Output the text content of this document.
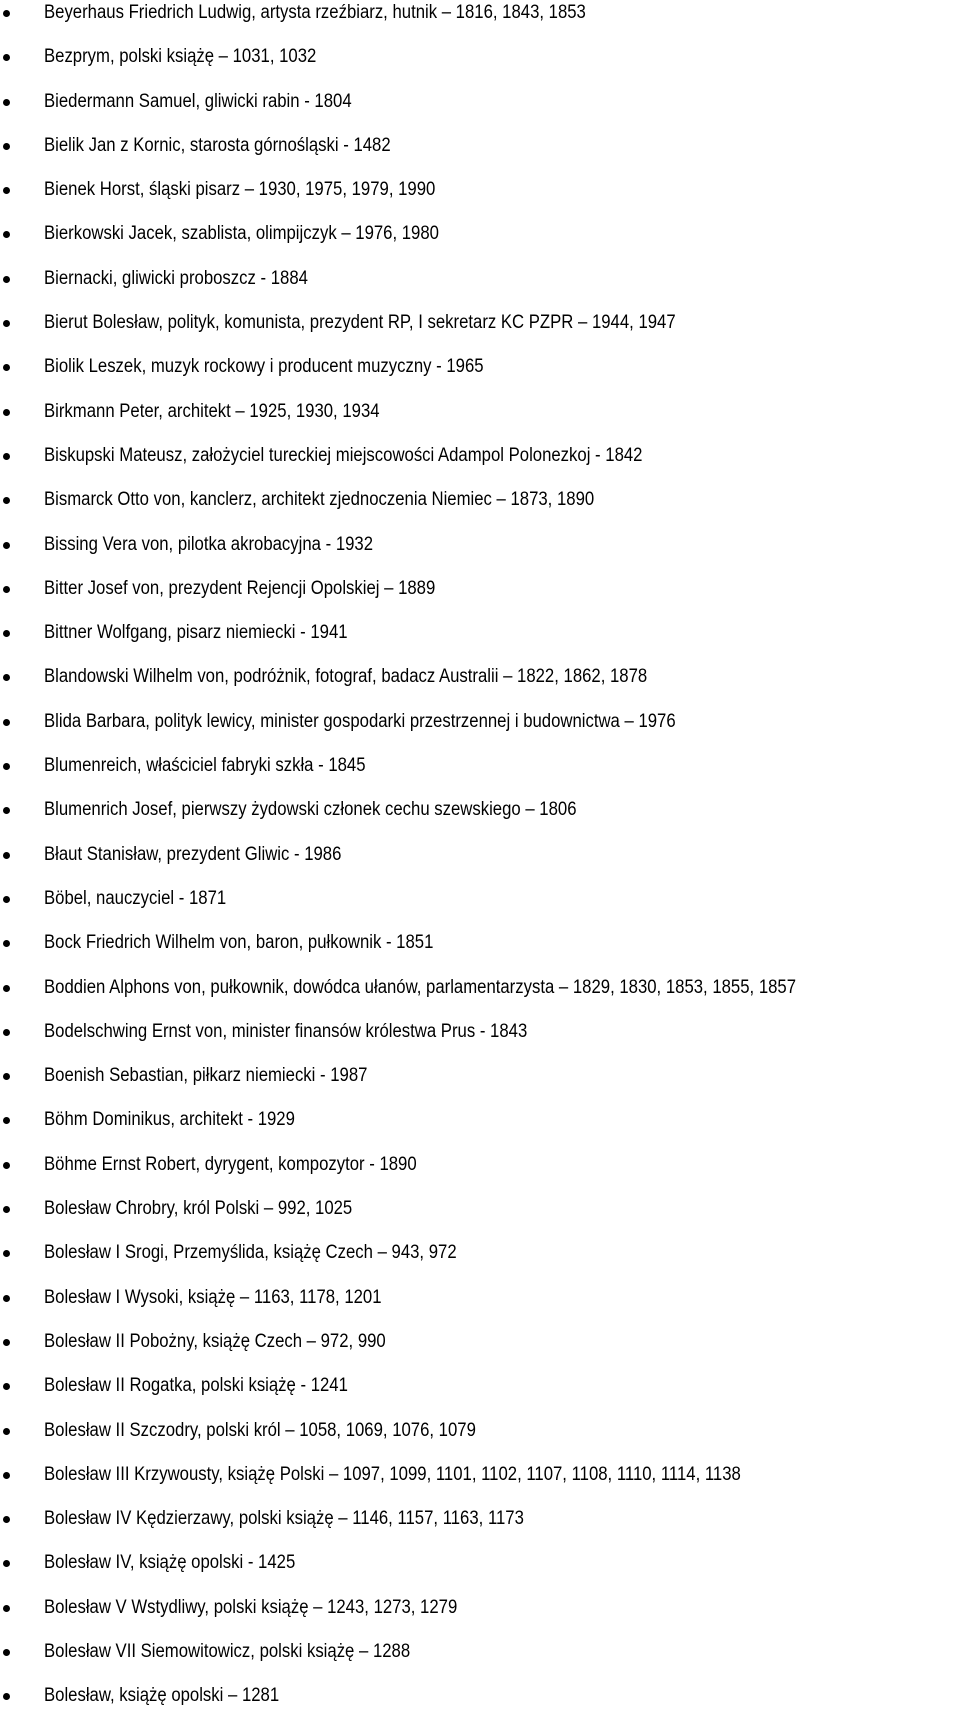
Beyerhaus Friedrich Ludwig, artysta rzeźbiarz, hutnik – 1816, 1843, 1853
Bezprym, polski książę – 1031, 1032
Biedermann Samuel, gliwicki rabin - 1804
Bielik Jan z Kornic, starosta górnośląski - 1482
Bienek Horst, śląski pisarz – 1930, 1975, 1979, 1990
Bierkowski Jacek, szablista, olimpijczyk – 1976, 1980
Biernacki, gliwicki proboszcz - 1884
Bierut Bolesław, polityk, komunista, prezydent RP, I sekretarz KC PZPR – 1944, 1947
Biolik Leszek, muzyk rockowy i producent muzyczny - 1965
Birkmann Peter, architekt – 1925, 1930, 1934
Biskupski Mateusz, założyciel tureckiej miejscowości Adampol Polonezkoj - 1842
Bismarck Otto von, kanclerz, architekt zjednoczenia Niemiec – 1873, 1890
Bissing Vera von, pilotka akrobacyjna - 1932
Bitter Josef von, prezydent Rejencji Opolskiej – 1889
Bittner Wolfgang, pisarz niemiecki - 1941
Blandowski Wilhelm von, podróżnik, fotograf, badacz Australii – 1822, 1862, 1878
Blida Barbara, polityk lewicy, minister gospodarki przestrzennej i budownictwa – 1976
Blumenreich, właściciel fabryki szkła - 1845
Blumenrich Josef, pierwszy żydowski członek cechu szewskiego – 1806
Błaut Stanisław, prezydent Gliwic - 1986
Böbel, nauczyciel - 1871
Bock Friedrich Wilhelm von, baron, pułkownik - 1851
Boddien Alphons von, pułkownik, dowódca ułanów, parlamentarzysta – 1829, 1830, 1853, 1855, 1857
Bodelschwing Ernst von, minister finansów królestwa Prus - 1843
Boenish Sebastian, piłkarz niemiecki - 1987
Böhm Dominikus, architekt - 1929
Böhme Ernst Robert, dyrygent, kompozytor - 1890
Bolesław Chrobry, król Polski – 992, 1025
Bolesław I Srogi, Przemyślida, książę Czech – 943, 972
Bolesław I Wysoki, książę – 1163, 1178, 1201
Bolesław II Pobożny, książę Czech – 972, 990
Bolesław II Rogatka, polski książę - 1241
Bolesław II Szczodry, polski król – 1058, 1069, 1076, 1079
Bolesław III Krzywousty, książę Polski – 1097, 1099, 1101, 1102, 1107, 1108, 1110, 1114, 1138
Bolesław IV Kędzierzawy, polski książę – 1146, 1157, 1163, 1173
Bolesław IV, książę opolski - 1425
Bolesław V Wstydliwy, polski książę – 1243, 1273, 1279
Bolesław VII Siemowitowicz, polski książę – 1288
Bolesław, książę opolski – 1281
